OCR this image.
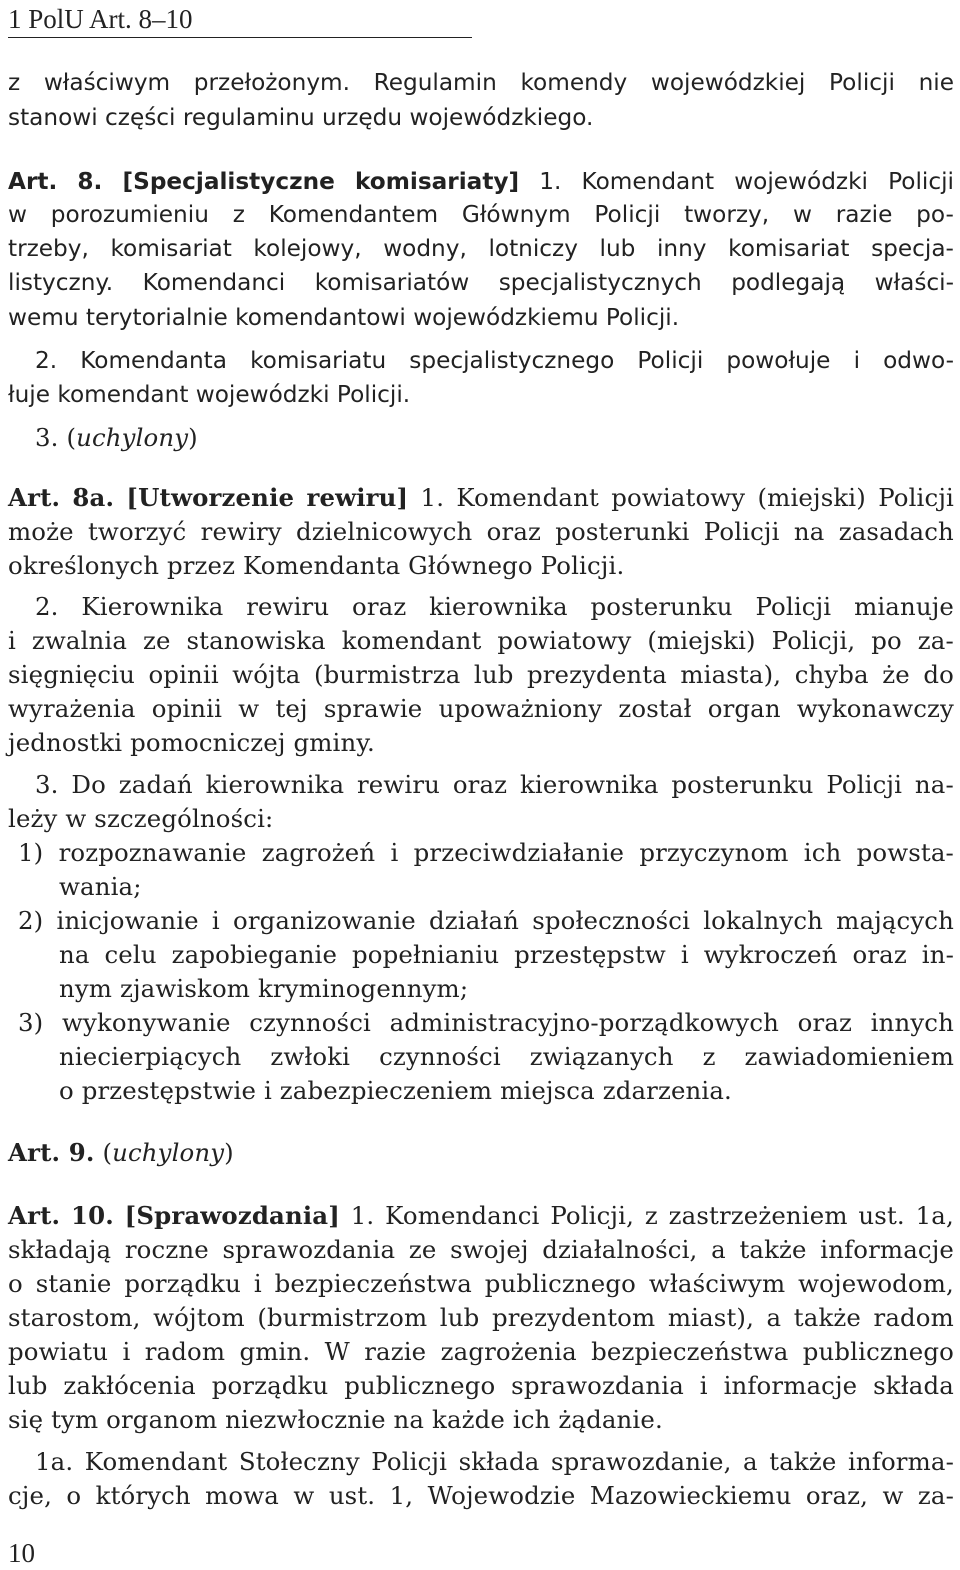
1 PolU Art. 8–10
z właściwym przełożonym. Regulamin komendy wojewódzkiej Policji nie
stanowi części regulaminu urzędu wojewódzkiego.
Art. 8. [Specjalistyczne komisariaty] 1. Komendant wojewódzki Policji
w porozumieniu z Komendantem Głównym Policji tworzy, w razie po-
trzeby, komisariat kolejowy, wodny, lotniczy lub inny komisariat specja-
listyczny. Komendanci komisariatów specjalistycznych podlegają właści-
wemu terytorialnie komendantowi wojewódzkiemu Policji.
2. Komendanta komisariatu specjalistycznego Policji powołuje i odwo-
łuje komendant wojewódzki Policji.
3. (uchylony)
Art. 8a. [Utworzenie rewiru] 1. Komendant powiatowy (miejski) Policji
może tworzyć rewiry dzielnicowych oraz posterunki Policji na zasadach
określonych przez Komendanta Głównego Policji.
2. Kierownika rewiru oraz kierownika posterunku Policji mianuje
i zwalnia ze stanowiska komendant powiatowy (miejski) Policji, po za-
sięgnięciu opinii wójta (burmistrza lub prezydenta miasta), chyba że do
wyrażenia opinii w tej sprawie upoważniony został organ wykonawczy
jednostki pomocniczej gminy.
3. Do zadań kierownika rewiru oraz kierownika posterunku Policji na-
leży w szczególności:
1) rozpoznawanie zagrożeń i przeciwdziałanie przyczynom ich powsta-
wania;
2) inicjowanie i organizowanie działań społeczności lokalnych mających
na celu zapobieganie popełnianiu przestępstw i wykroczeń oraz in-
nym zjawiskom kryminogennym;
3) wykonywanie czynności administracyjno-porządkowych oraz innych
niecierpiących zwłoki czynności związanych z zawiadomieniem
o przestępstwie i zabezpieczeniem miejsca zdarzenia.
Art. 9. (uchylony)
Art. 10. [Sprawozdania] 1. Komendanci Policji, z zastrzeżeniem ust. 1a,
składają roczne sprawozdania ze swojej działalności, a także informacje
o stanie porządku i bezpieczeństwa publicznego właściwym wojewodom,
starostom, wójtom (burmistrzom lub prezydentom miast), a także radom
powiatu i radom gmin. W razie zagrożenia bezpieczeństwa publicznego
lub zakłócenia porządku publicznego sprawozdania i informacje składa
się tym organom niezwłocznie na każde ich żądanie.
1a. Komendant Stołeczny Policji składa sprawozdanie, a także informa-
cje, o których mowa w ust. 1, Wojewodzie Mazowieckiemu oraz, w za-
10
